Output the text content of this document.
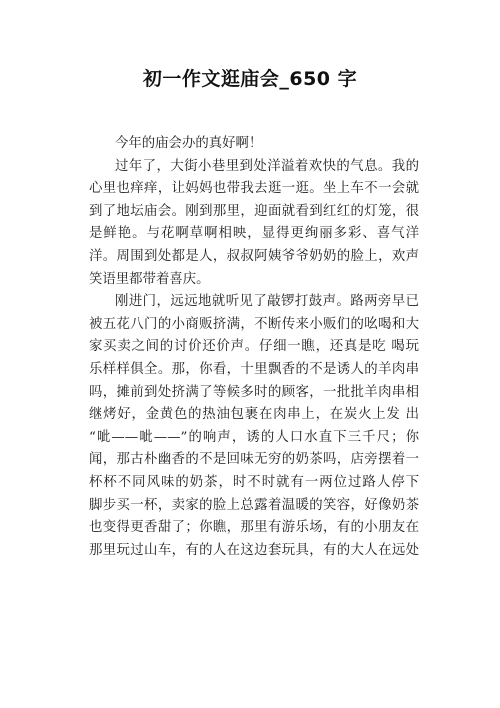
初一作文逛庙会_650 字
今年的庙会办的真好啊！
过年了，大街小巷里到处洋溢着欢快的气息。我的
心里也痒痒，让妈妈也带我去逛一逛。坐上车不一会就
到了地坛庙会。刚到那里，迎面就看到红红的灯笼，很
是鲜艳。与花啊草啊相映，显得更绚丽多彩、喜气洋
洋。周围到处都是人，叔叔阿姨爷爷奶奶的脸上，欢声
笑语里都带着喜庆。
刚进门，远远地就听见了敲锣打鼓声。路两旁早已
被五花八门的小商贩挤满，不断传来小贩们的吆喝和大
家买卖之间的讨价还价声。仔细一瞧，还真是吃 喝玩
乐样样俱全。那，你看，十里飘香的不是诱人的羊肉串
吗，摊前到处挤满了等候多时的顾客，一批批羊肉串相
继烤好，金黄色的热油包裹在肉串上，在炭火上发 出
“呲——呲——”的响声，诱的人口水直下三千尺；你
闻，那古朴幽香的不是回味无穷的奶茶吗，店旁摆着一
杯杯不同风味的奶茶，时不时就有一两位过路人停下
脚步买一杯，卖家的脸上总露着温暖的笑容，好像奶茶
也变得更香甜了；你瞧，那里有游乐场，有的小朋友在
那里玩过山车，有的人在这边套玩具，有的大人在远处
